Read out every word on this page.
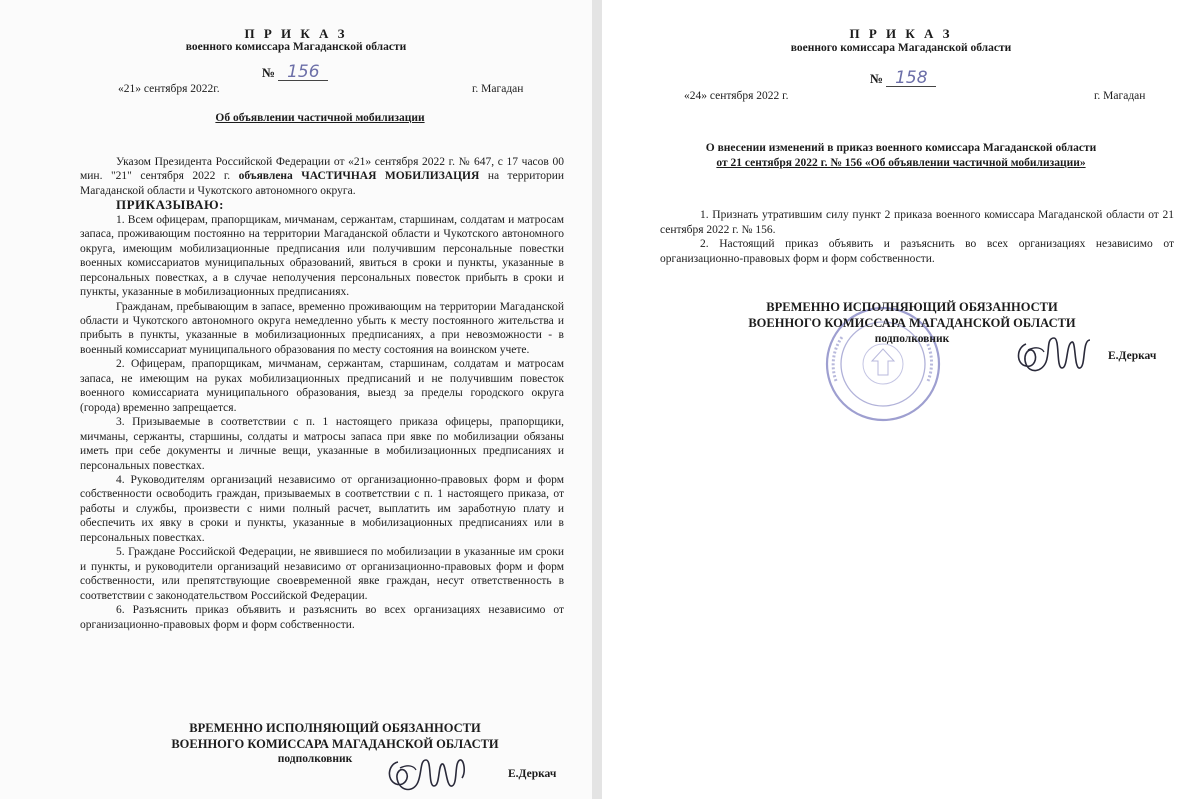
П Р И К А З
военного комиссара Магаданской области
№ 156
«21» сентября 2022г.	г. Магадан
Об объявлении частичной мобилизации

Указом Президента Российской Федерации от «21» сентября 2022 г. № 647, с 17 часов 00 мин. "21" сентября 2022 г. объявлена ЧАСТИЧНАЯ МОБИЛИЗАЦИЯ на территории Магаданской области и Чукотского автономного округа.

ПРИКАЗЫВАЮ:

1. Всем офицерам, прапорщикам, мичманам, сержантам, старшинам, солдатам и матросам запаса, проживающим постоянно на территории Магаданской области и Чукотского автономного округа, имеющим мобилизационные предписания или получившим персональные повестки военных комиссариатов муниципальных образований, явиться в сроки и пункты, указанные в персональных повестках, а в случае неполучения персональных повесток прибыть в сроки и пункты, указанные в мобилизационных предписаниях.

Гражданам, пребывающим в запасе, временно проживающим на территории Магаданской области и Чукотского автономного округа немедленно убыть к месту постоянного жительства и прибыть в пункты, указанные в мобилизационных предписаниях, а при невозможности - в военный комиссариат муниципального образования по месту состояния на воинском учете.

2. Офицерам, прапорщикам, мичманам, сержантам, старшинам, солдатам и матросам запаса, не имеющим на руках мобилизационных предписаний и не получившим повесток военного комиссариата муниципального образования, выезд за пределы городского округа (города) временно запрещается.

3. Призываемые в соответствии с п. 1 настоящего приказа офицеры, прапорщики, мичманы, сержанты, старшины, солдаты и матросы запаса при явке по мобилизации обязаны иметь при себе документы и личные вещи, указанные в мобилизационных предписаниях и персональных повестках.

4. Руководителям организаций независимо от организационно-правовых форм и форм собственности освободить граждан, призываемых в соответствии с п. 1 настоящего приказа, от работы и службы, произвести с ними полный расчет, выплатить им заработную плату и обеспечить их явку в сроки и пункты, указанные в мобилизационных предписаниях или в персональных повестках.

5. Граждане Российской Федерации, не явившиеся по мобилизации в указанные им сроки и пункты, и руководители организаций независимо от организационно-правовых форм и форм собственности, или препятствующие своевременной явке граждан, несут ответственность в соответствии с законодательством Российской Федерации.

6. Разъяснить приказ объявить и разъяснить во всех организациях независимо от организационно-правовых форм и форм собственности.

ВРЕМЕННО ИСПОЛНЯЮЩИЙ ОБЯЗАННОСТИ
ВОЕННОГО КОМИССАРА МАГАДАНСКОЙ ОБЛАСТИ
подполковник
Е.Деркач
П Р И К А З
военного комиссара Магаданской области
№ 158
«24» сентября 2022 г.	г. Магадан
О внесении изменений в приказ военного комиссара Магаданской области
от 21 сентября 2022 г. № 156 «Об объявлении частичной мобилизации»

1. Признать утратившим силу пункт 2 приказа военного комиссара Магаданской области от 21 сентября 2022 г. № 156.

2. Настоящий приказ объявить и разъяснить во всех организациях независимо от организационно-правовых форм и форм собственности.

ВРЕМЕННО ИСПОЛНЯЮЩИЙ ОБЯЗАННОСТИ
ВОЕННОГО КОМИССАРА МАГАДАНСКОЙ ОБЛАСТИ
подполковник
Е.Деркач
